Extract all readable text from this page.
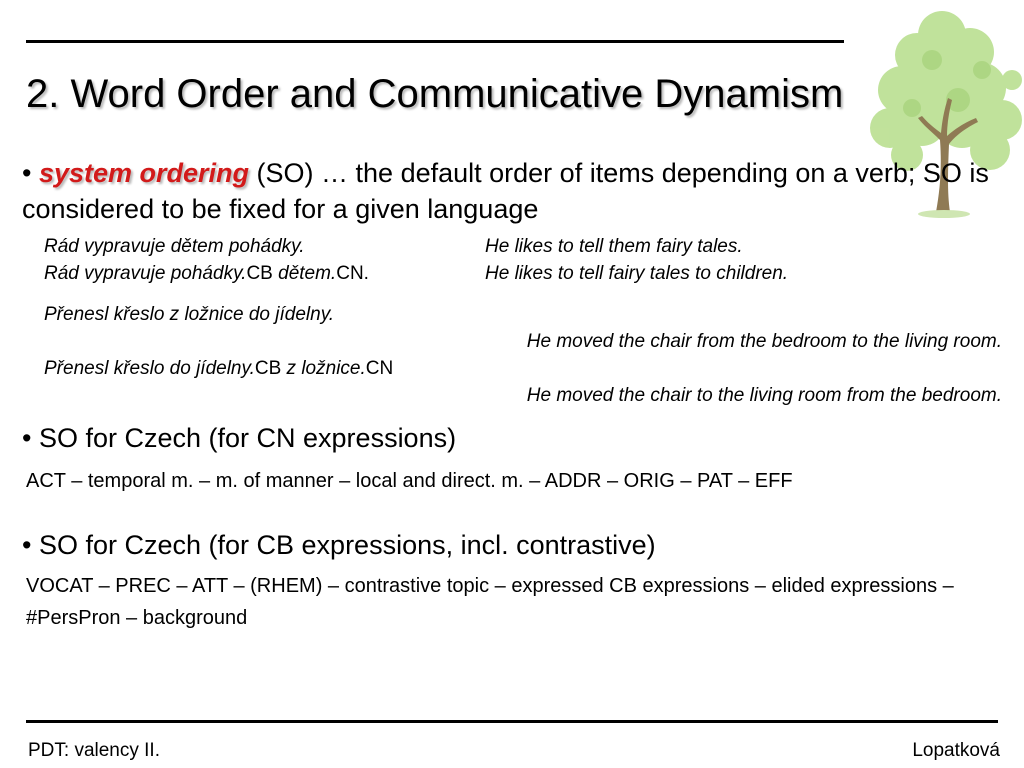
2. Word Order and Communicative Dynamism
• system ordering (SO) … the default order of items depending on a verb; SO is considered to be fixed for a given language
Rád vypravuje dětem pohádky.	He likes to tell them fairy tales.
Rád vypravuje pohádky.CB dětem.CN.	He likes to tell fairy tales to children.
Přenesl křeslo z ložnice do jídelny.
He moved the chair from the bedroom to the living room.
Přenesl křeslo do jídelny.CB z ložnice.CN
He moved the chair to the living room from the bedroom.
• SO for Czech (for CN expressions)
ACT – temporal m. – m. of manner – local and direct. m. – ADDR – ORIG – PAT – EFF
• SO for Czech (for CB expressions, incl. contrastive)
VOCAT – PREC – ATT – (RHEM) – contrastive topic – expressed CB expressions – elided expressions – #PersPron – background
PDT: valency II.	Lopatková
